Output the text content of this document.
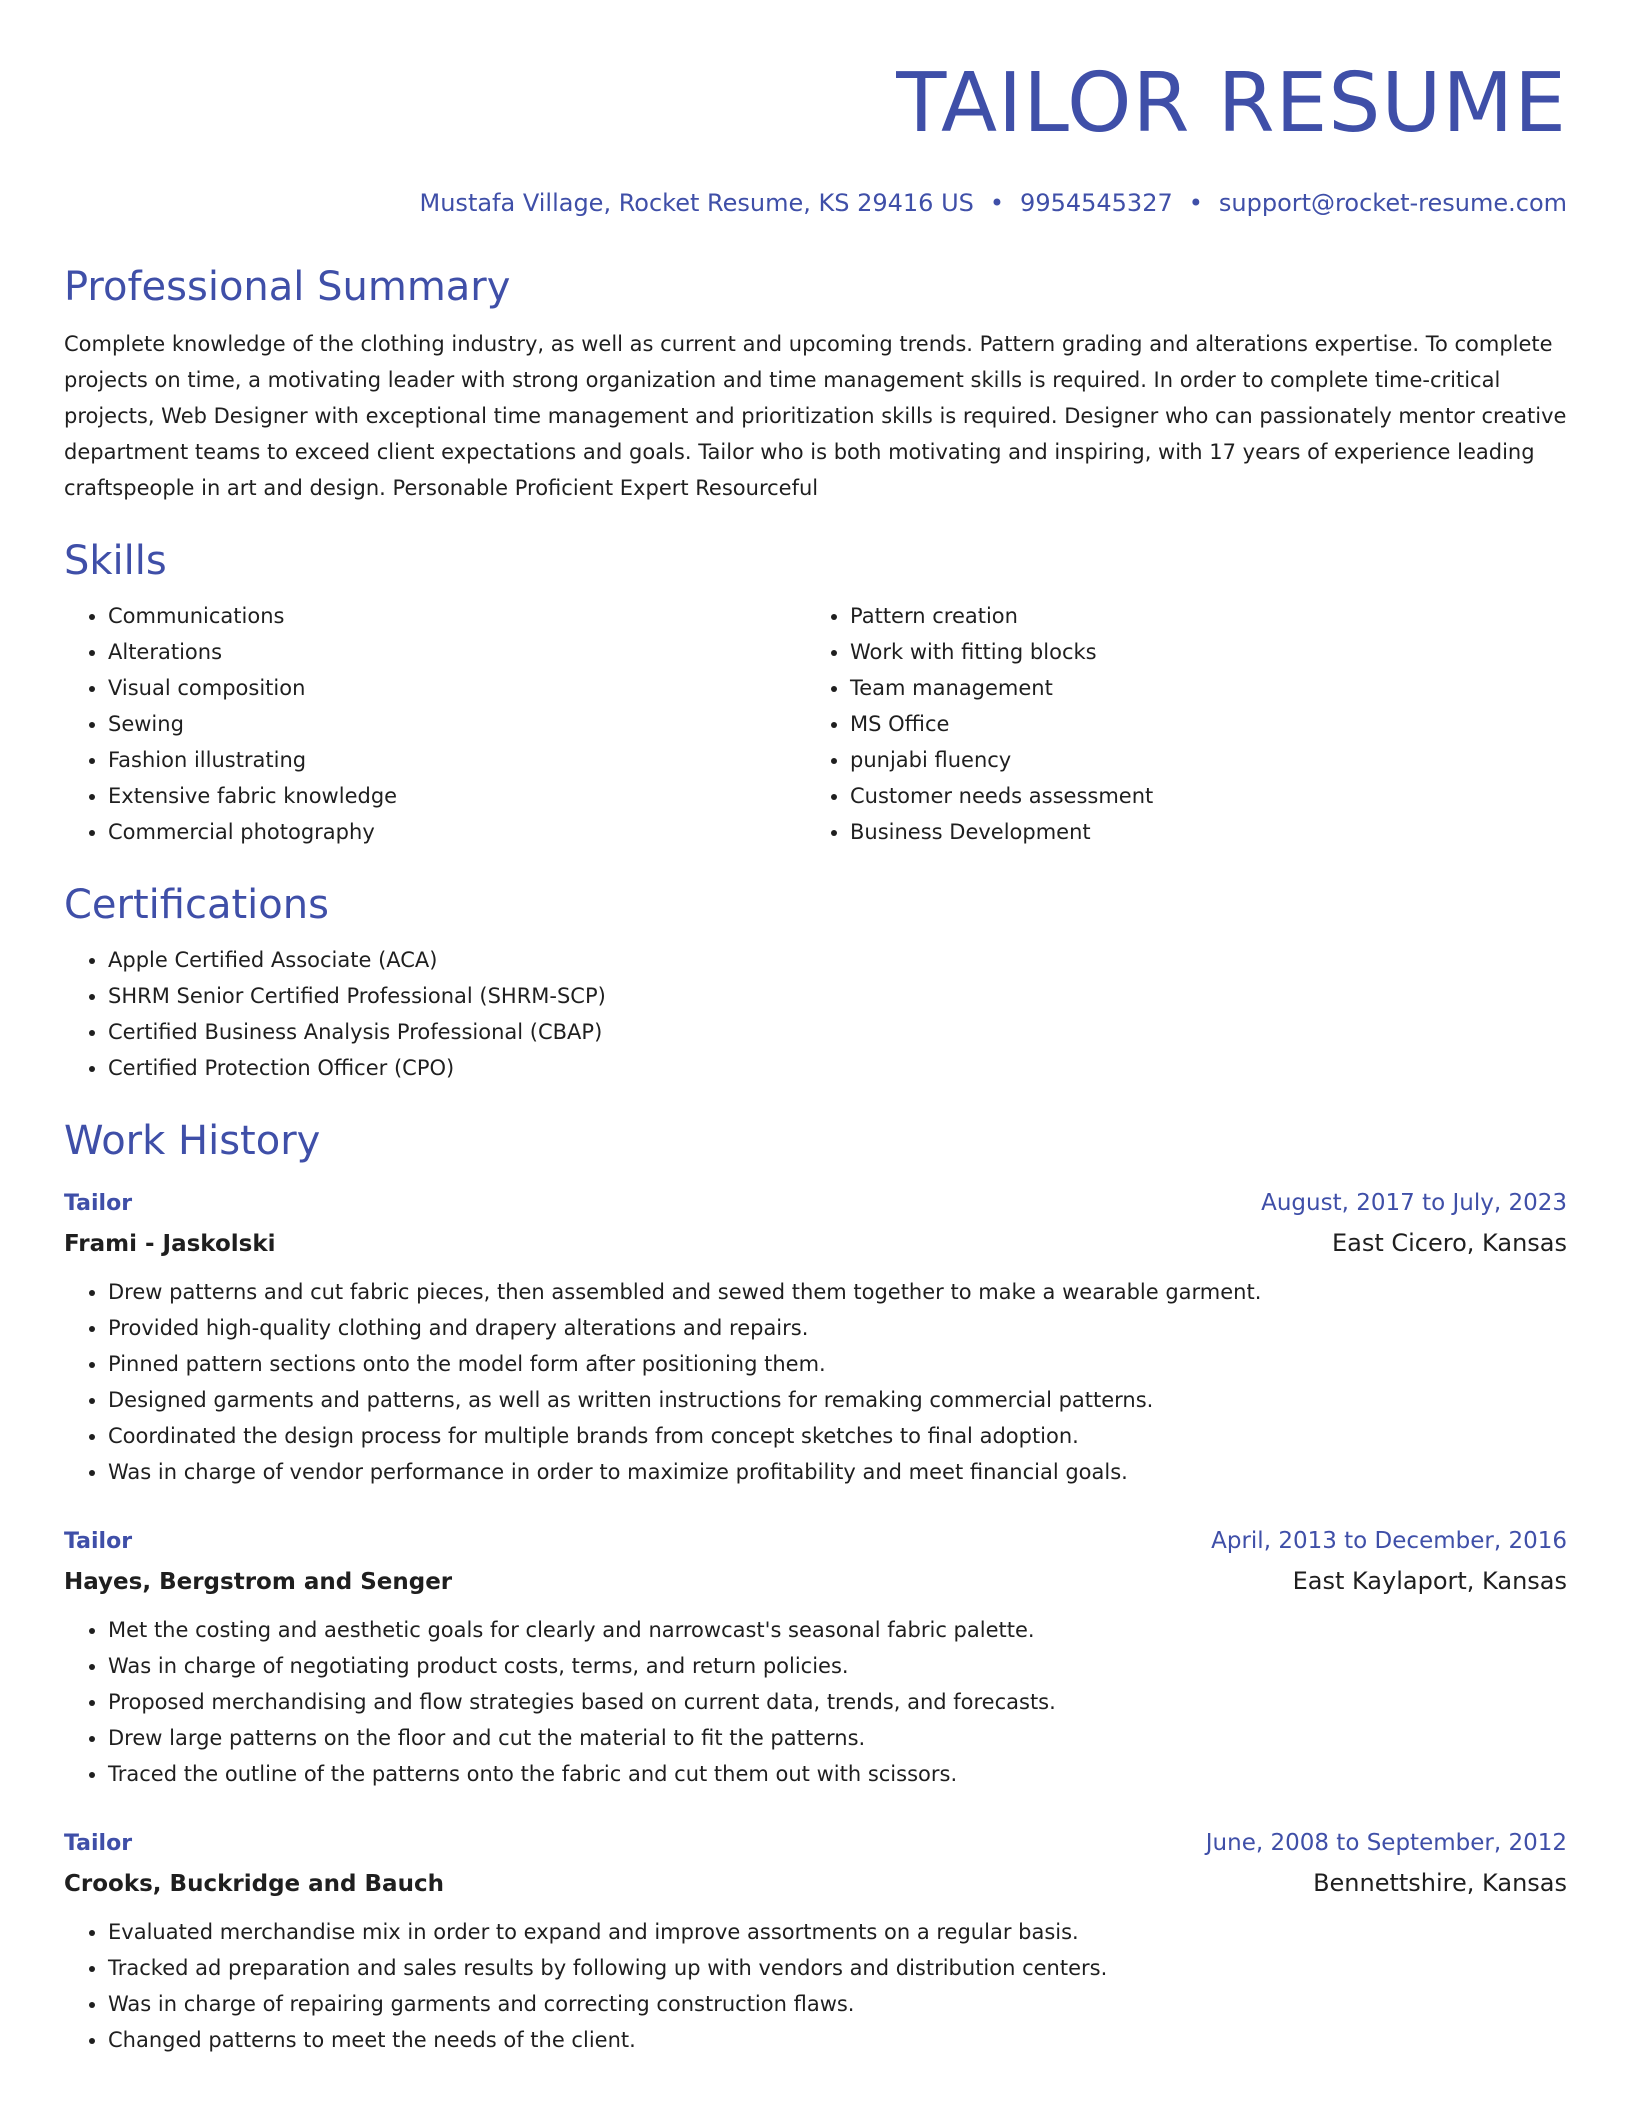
TAILOR RESUME
Mustafa Village, Rocket Resume, KS 29416 US • 9954545327 • support@rocket-resume.com
Professional Summary
Complete knowledge of the clothing industry, as well as current and upcoming trends. Pattern grading and alterations expertise. To complete projects on time, a motivating leader with strong organization and time management skills is required. In order to complete time-critical projects, Web Designer with exceptional time management and prioritization skills is required. Designer who can passionately mentor creative department teams to exceed client expectations and goals. Tailor who is both motivating and inspiring, with 17 years of experience leading craftspeople in art and design. Personable Proficient Expert Resourceful
Skills
• Communications
• Alterations
• Visual composition
• Sewing
• Fashion illustrating
• Extensive fabric knowledge
• Commercial photography
• Pattern creation
• Work with fitting blocks
• Team management
• MS Office
• punjabi fluency
• Customer needs assessment
• Business Development
Certifications
• Apple Certified Associate (ACA)
• SHRM Senior Certified Professional (SHRM-SCP)
• Certified Business Analysis Professional (CBAP)
• Certified Protection Officer (CPO)
Work History
Tailor	August, 2017 to July, 2023
Frami - Jaskolski	East Cicero, Kansas
• Drew patterns and cut fabric pieces, then assembled and sewed them together to make a wearable garment.
• Provided high-quality clothing and drapery alterations and repairs.
• Pinned pattern sections onto the model form after positioning them.
• Designed garments and patterns, as well as written instructions for remaking commercial patterns.
• Coordinated the design process for multiple brands from concept sketches to final adoption.
• Was in charge of vendor performance in order to maximize profitability and meet financial goals.
Tailor	April, 2013 to December, 2016
Hayes, Bergstrom and Senger	East Kaylaport, Kansas
• Met the costing and aesthetic goals for clearly and narrowcast's seasonal fabric palette.
• Was in charge of negotiating product costs, terms, and return policies.
• Proposed merchandising and flow strategies based on current data, trends, and forecasts.
• Drew large patterns on the floor and cut the material to fit the patterns.
• Traced the outline of the patterns onto the fabric and cut them out with scissors.
Tailor	June, 2008 to September, 2012
Crooks, Buckridge and Bauch	Bennettshire, Kansas
• Evaluated merchandise mix in order to expand and improve assortments on a regular basis.
• Tracked ad preparation and sales results by following up with vendors and distribution centers.
• Was in charge of repairing garments and correcting construction flaws.
• Changed patterns to meet the needs of the client.
